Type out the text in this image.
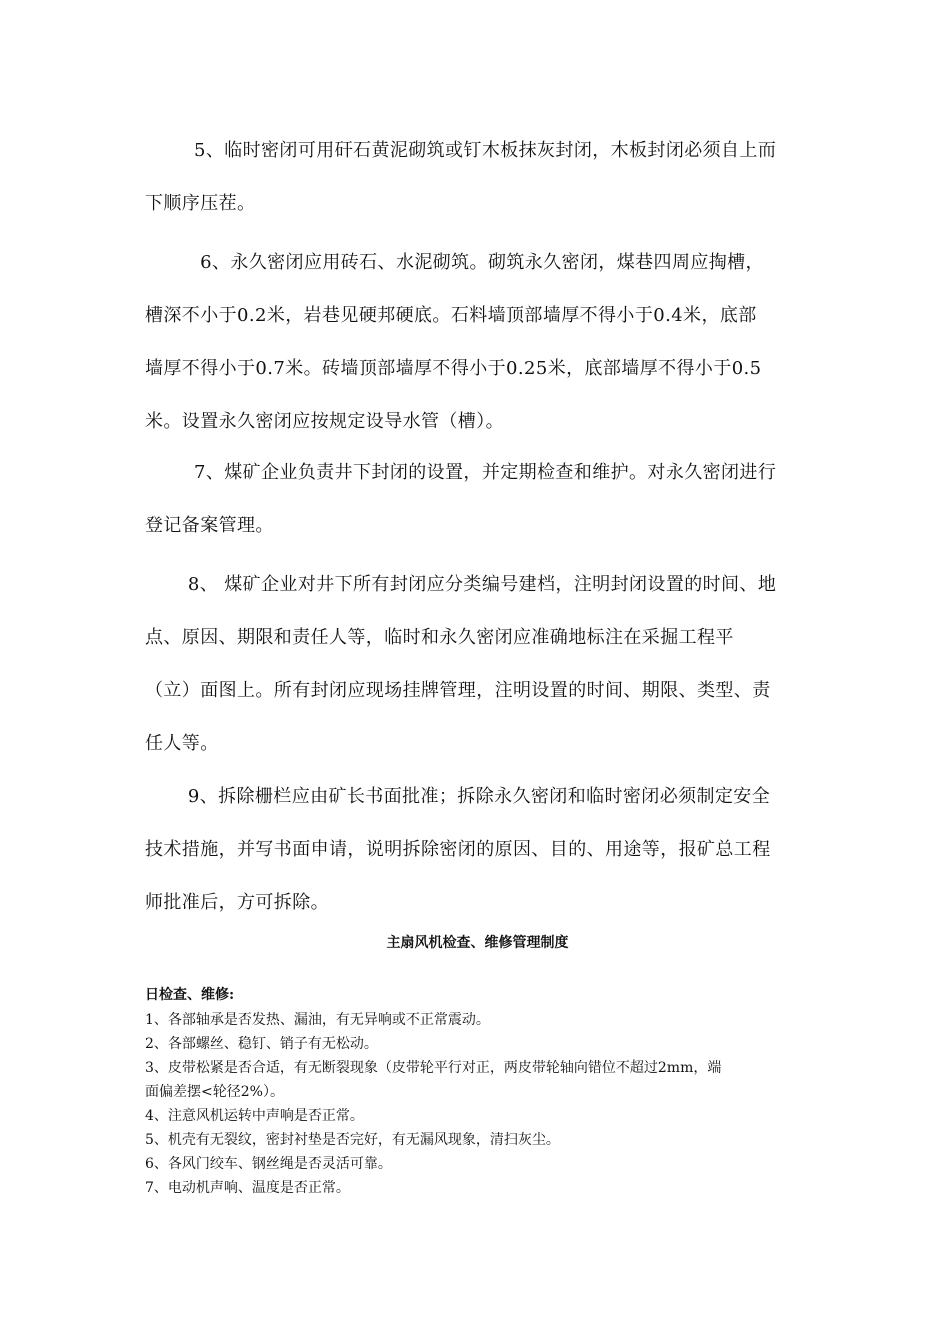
5、临时密闭可用矸石黄泥砌筑或钉木板抹灰封闭，木板封闭必须自上而
下顺序压茬。

6、永久密闭应用砖石、水泥砌筑。砌筑永久密闭，煤巷四周应掏槽，
槽深不小于0.2米，岩巷见硬邦硬底。石料墙顶部墙厚不得小于0.4米，底部
墙厚不得小于0.7米。砖墙顶部墙厚不得小于0.25米，底部墙厚不得小于0.5
米。设置永久密闭应按规定设导水管（槽）。

7、煤矿企业负责井下封闭的设置，并定期检查和维护。对永久密闭进行
登记备案管理。

8、 煤矿企业对井下所有封闭应分类编号建档，注明封闭设置的时间、地
点、原因、期限和责任人等，临时和永久密闭应准确地标注在采掘工程平
（立）面图上。所有封闭应现场挂牌管理，注明设置的时间、期限、类型、责
任人等。

9、拆除栅栏应由矿长书面批准；拆除永久密闭和临时密闭必须制定安全
技术措施，并写书面申请，说明拆除密闭的原因、目的、用途等，报矿总工程
师批准后，方可拆除。

主扇风机检查、维修管理制度
日检查、维修:
1、各部轴承是否发热、漏油，有无异响或不正常震动。
2、各部螺丝、稳钉、销子有无松动。
3、皮带松紧是否合适，有无断裂现象（皮带轮平行对正，两皮带轮轴向错位不超过2mm，端
面偏差摆<轮径2%）。
4、注意风机运转中声响是否正常。
5、机壳有无裂纹，密封衬垫是否完好，有无漏风现象，清扫灰尘。
6、各风门绞车、钢丝绳是否灵活可靠。
7、电动机声响、温度是否正常。
